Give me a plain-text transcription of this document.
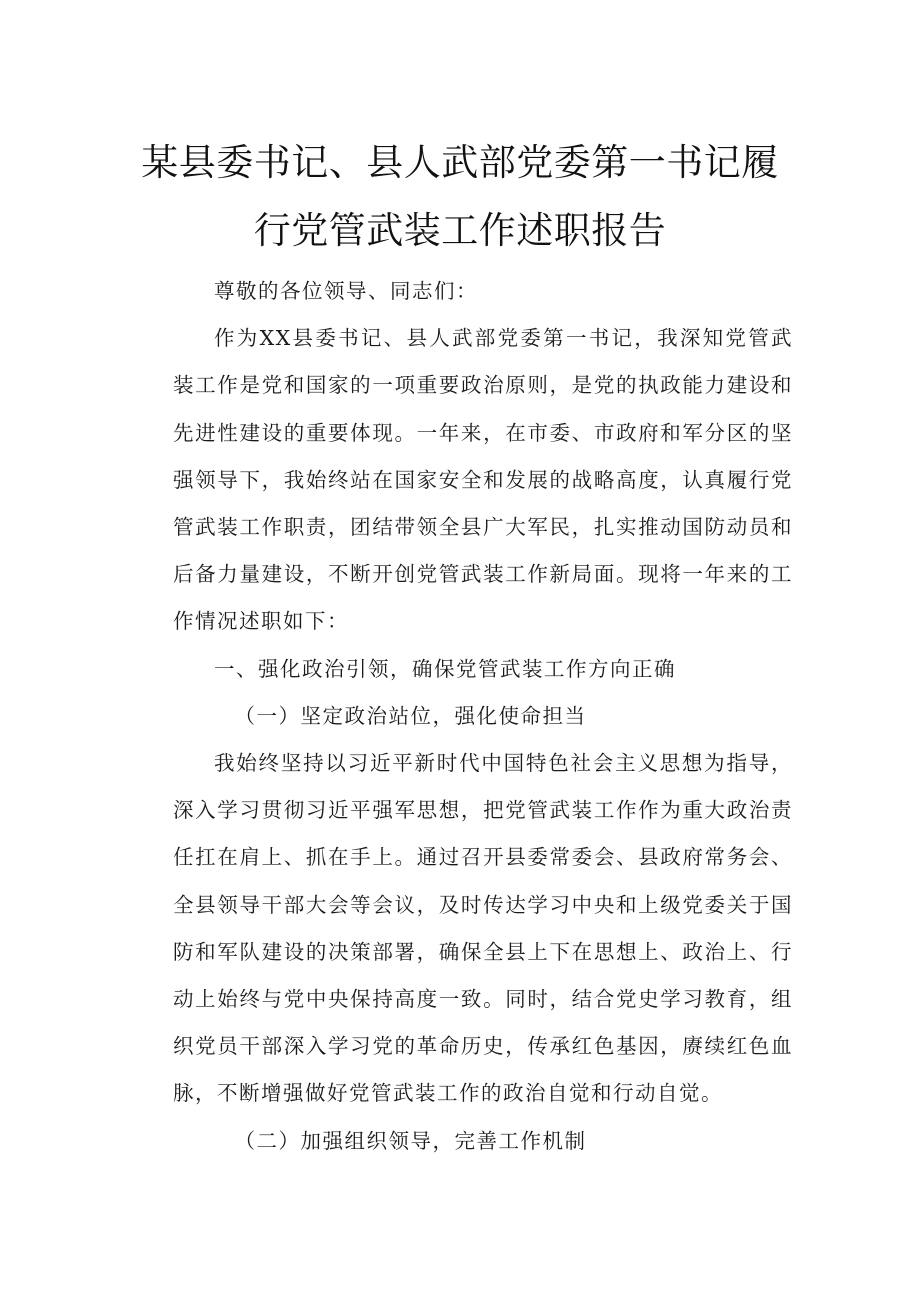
某县委书记、县人武部党委第一书记履
行党管武装工作述职报告

尊敬的各位领导、同志们：

作为XX县委书记、县人武部党委第一书记，我深知党管武装工作是党和国家的一项重要政治原则，是党的执政能力建设和先进性建设的重要体现。一年来，在市委、市政府和军分区的坚强领导下，我始终站在国家安全和发展的战略高度，认真履行党管武装工作职责，团结带领全县广大军民，扎实推动国防动员和后备力量建设，不断开创党管武装工作新局面。现将一年来的工作情况述职如下：

一、强化政治引领，确保党管武装工作方向正确

（一）坚定政治站位，强化使命担当

我始终坚持以习近平新时代中国特色社会主义思想为指导，深入学习贯彻习近平强军思想，把党管武装工作作为重大政治责任扛在肩上、抓在手上。通过召开县委常委会、县政府常务会、全县领导干部大会等会议，及时传达学习中央和上级党委关于国防和军队建设的决策部署，确保全县上下在思想上、政治上、行动上始终与党中央保持高度一致。同时，结合党史学习教育，组织党员干部深入学习党的革命历史，传承红色基因，赓续红色血脉，不断增强做好党管武装工作的政治自觉和行动自觉。

（二）加强组织领导，完善工作机制
